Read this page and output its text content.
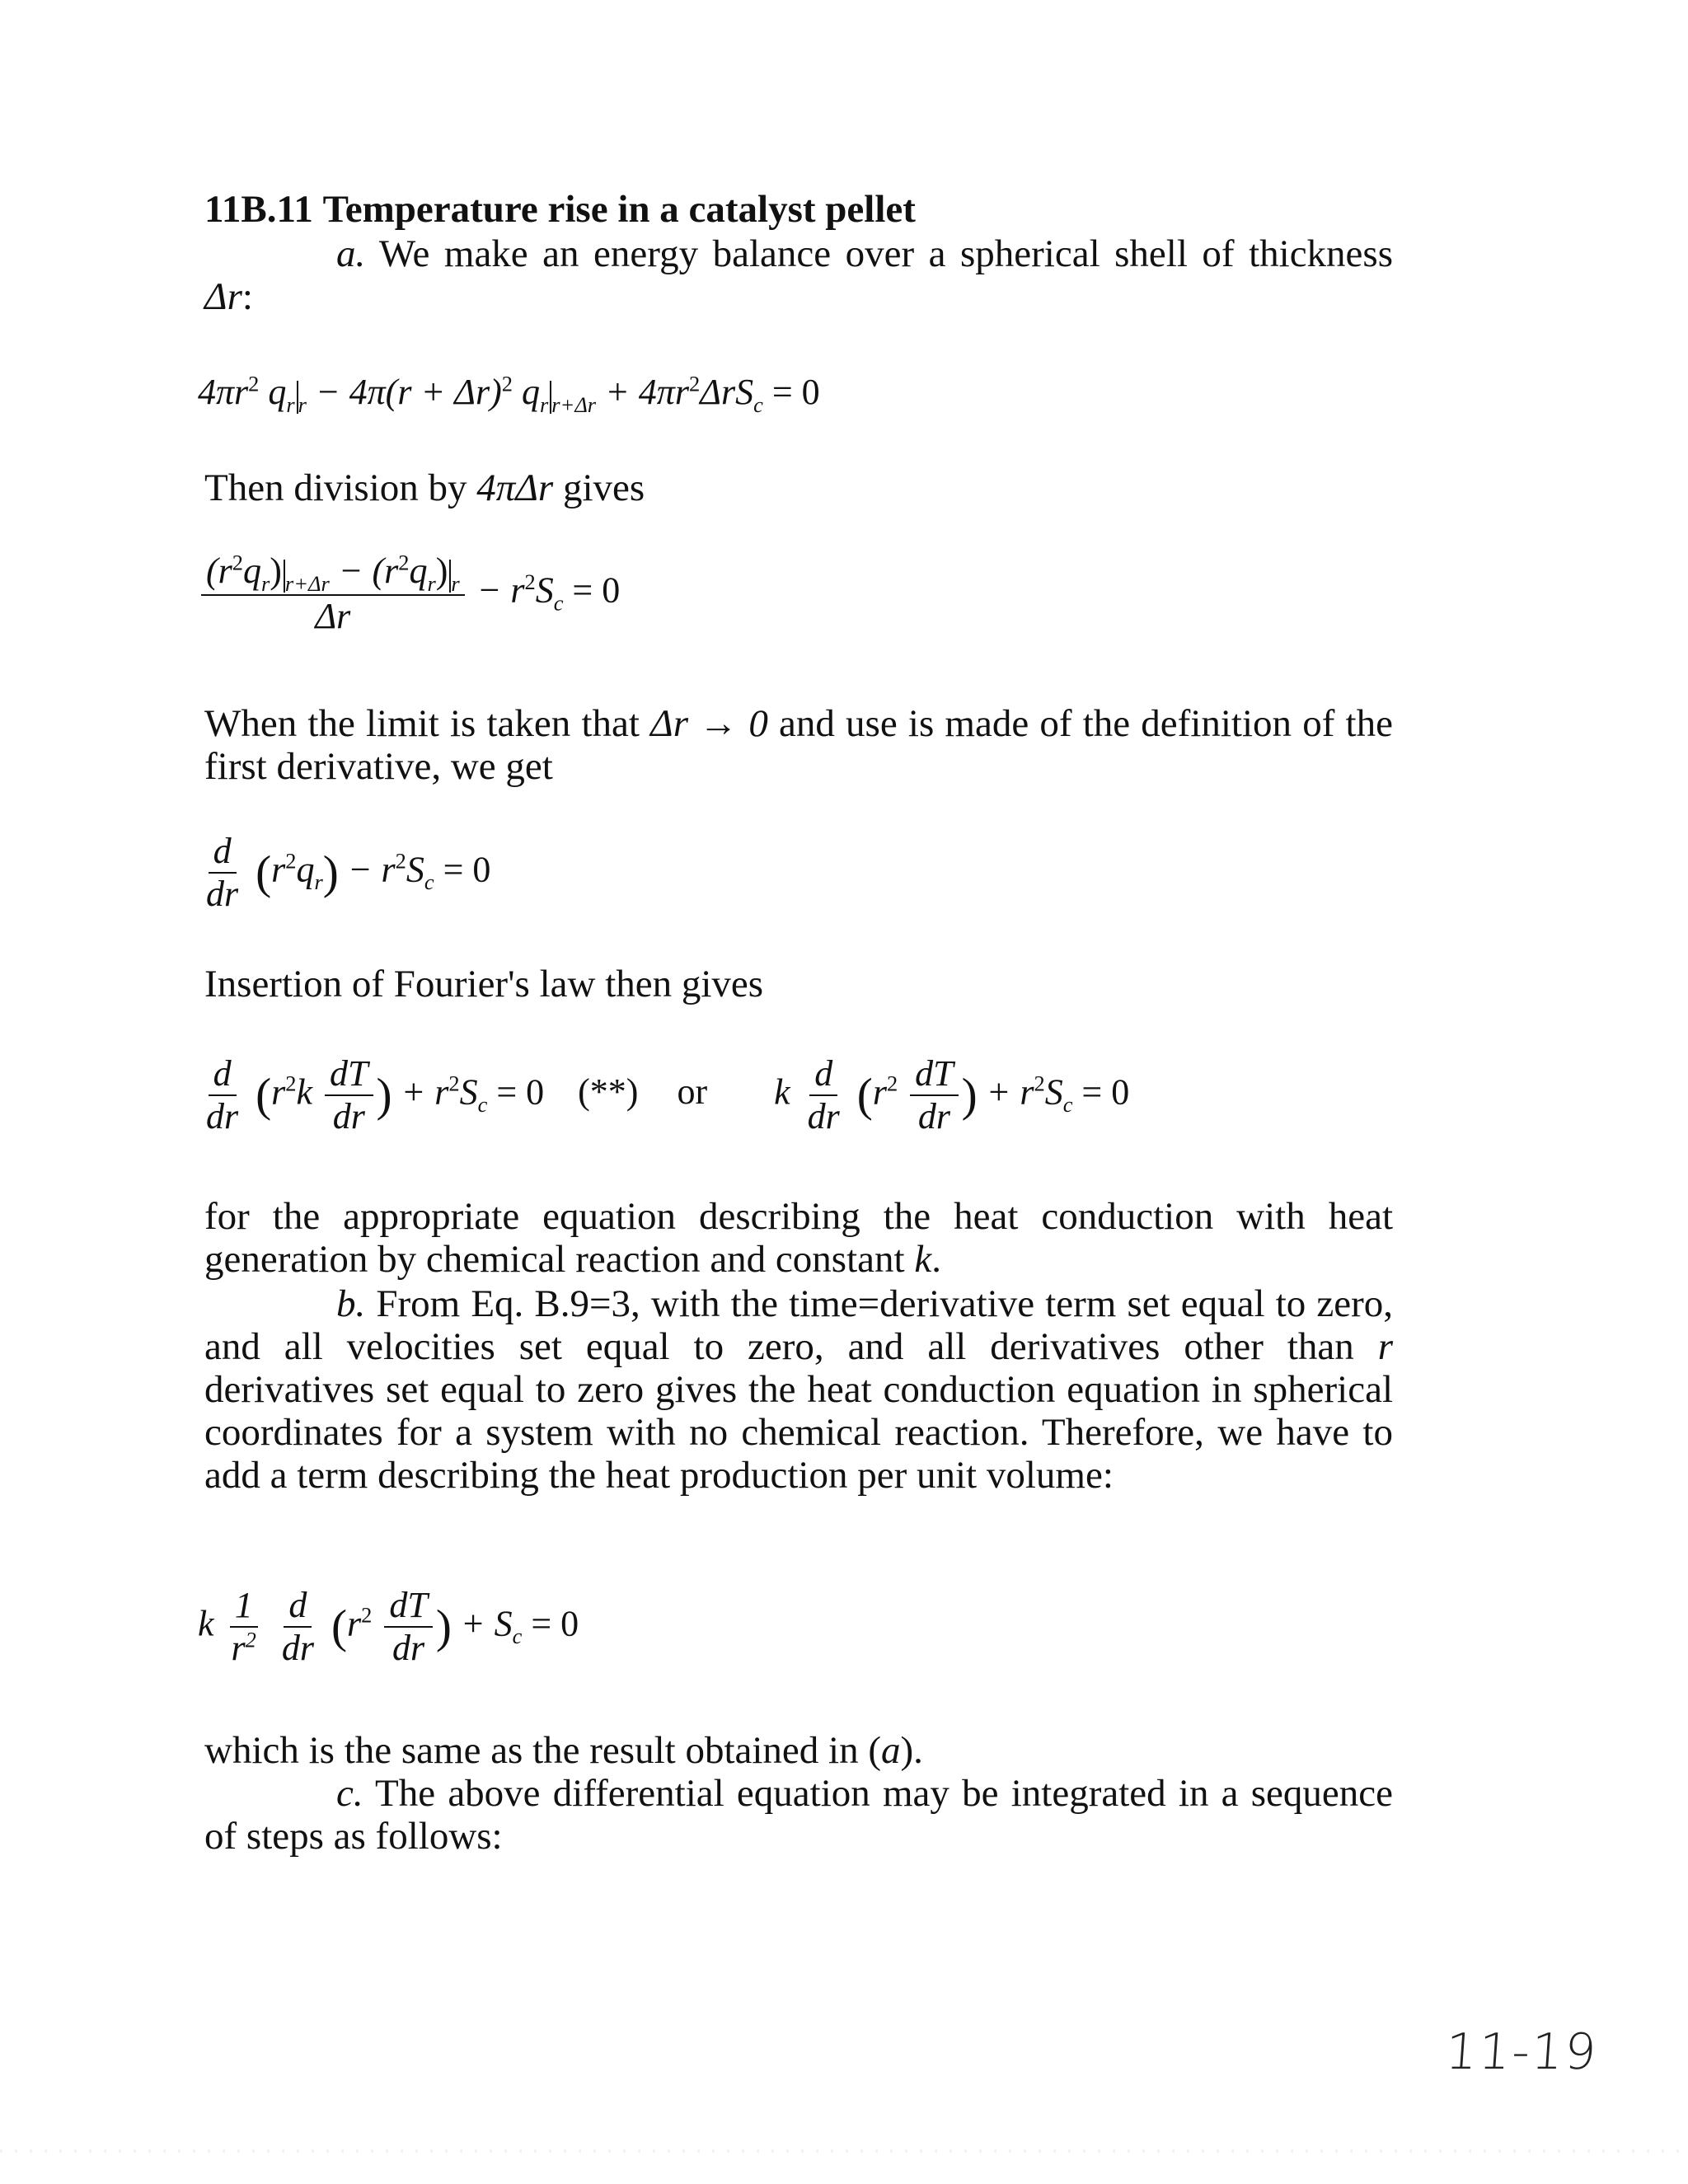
11B.11 Temperature rise in a catalyst pellet

a. We make an energy balance over a spherical shell of thickness Δr:

$4\pi r^2$ $q_r$ $_r - 4\pi(r + \Delta r)^2$ $q_r$ $_{r+\Delta r} + 4\pi r^2\Delta rS_c = 0$

Then division by 4πΔr gives

$\frac{(r^2q_r) _{r+\Delta r} - (r^2q_r) _r}{\Delta r} - r^2S_c = 0$

When the limit is taken that Δr → 0 and use is made of the definition of the first derivative, we get

$\frac{d}{dr} (r^2q_r) - r^2S_c = 0$

Insertion of Fourier's law then gives

$\frac{d}{dr} (r^2k \frac{dT}{dr}$ ) + $r^2S_c = 0$ (**) or k $\frac{d}{dr} (r^2 \frac{dT}{dr}$ ) + $r^2S_c = 0$

for the appropriate equation describing the heat conduction with heat generation by chemical reaction and constant k.

b. From Eq. B.9=3, with the time=derivative term set equal to zero, and all velocities set equal to zero, and all derivatives other than r derivatives set equal to zero gives the heat conduction equation in spherical coordinates for a system with no chemical reaction. Therefore, we have to add a term describing the heat production per unit volume:

k $\frac{1}{r^2}$
$\frac{d}{dr} (r^2 \frac{dT}{dr}$ ) + $S_c = 0$

which is the same as the result obtained in (a).

c. The above differential equation may be integrated in a sequence of steps as follows:

11-19
